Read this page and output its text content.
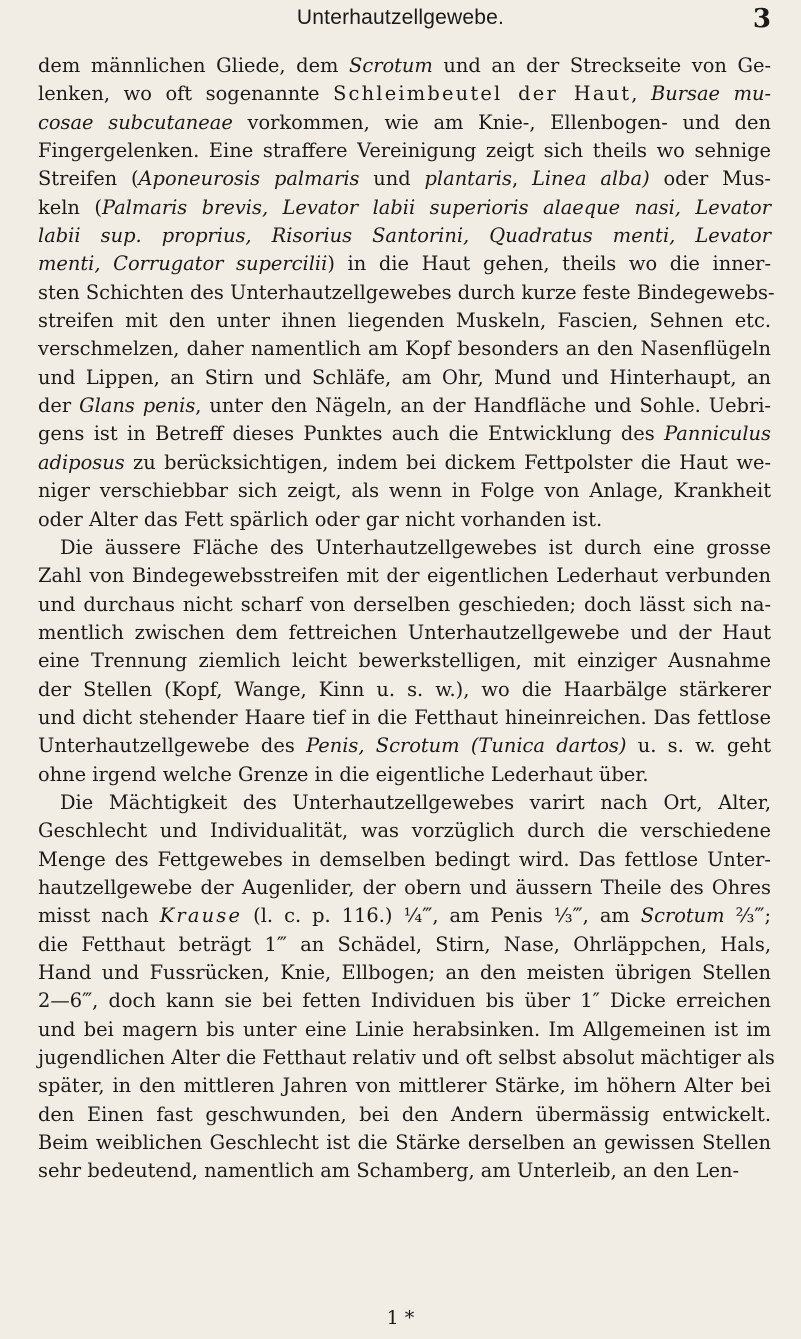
Unterhautzellgewebe.	3
dem männlichen Gliede, dem Scrotum und an der Streckseite von Ge-
lenken, wo oft sogenannte Schleimbeutel der Haut, Bursae mu-
cosae subcutaneae vorkommen, wie am Knie-, Ellenbogen- und den
Fingergelenken. Eine straffere Vereinigung zeigt sich theils wo sehnige
Streifen (Aponeurosis palmaris und plantaris, Linea alba) oder Mus-
keln (Palmaris brevis, Levator labii superioris alaeque nasi, Levator
labii sup. proprius, Risorius Santorini, Quadratus menti, Levator
menti, Corrugator supercilii) in die Haut gehen, theils wo die inner-
sten Schichten des Unterhautzellgewebes durch kurze feste Bindegewebs-
streifen mit den unter ihnen liegenden Muskeln, Fascien, Sehnen etc.
verschmelzen, daher namentlich am Kopf besonders an den Nasenflügeln
und Lippen, an Stirn und Schläfe, am Ohr, Mund und Hinterhaupt, an
der Glans penis, unter den Nägeln, an der Handfläche und Sohle. Uebri-
gens ist in Betreff dieses Punktes auch die Entwicklung des Panniculus
adiposus zu berücksichtigen, indem bei dickem Fettpolster die Haut we-
niger verschiebbar sich zeigt, als wenn in Folge von Anlage, Krankheit
oder Alter das Fett spärlich oder gar nicht vorhanden ist.
Die äussere Fläche des Unterhautzellgewebes ist durch eine grosse
Zahl von Bindegewebsstreifen mit der eigentlichen Lederhaut verbunden
und durchaus nicht scharf von derselben geschieden; doch lässt sich na-
mentlich zwischen dem fettreichen Unterhautzellgewebe und der Haut
eine Trennung ziemlich leicht bewerkstelligen, mit einziger Ausnahme
der Stellen (Kopf, Wange, Kinn u. s. w.), wo die Haarbälge stärkerer
und dicht stehender Haare tief in die Fetthaut hineinreichen. Das fettlose
Unterhautzellgewebe des Penis, Scrotum (Tunica dartos) u. s. w. geht
ohne irgend welche Grenze in die eigentliche Lederhaut über.
Die Mächtigkeit des Unterhautzellgewebes varirt nach Ort, Alter,
Geschlecht und Individualität, was vorzüglich durch die verschiedene
Menge des Fettgewebes in demselben bedingt wird. Das fettlose Unter-
hautzellgewebe der Augenlider, der obern und äussern Theile des Ohres
misst nach Krause (l. c. p. 116.) ¼‴, am Penis ⅓‴, am Scrotum ⅔‴;
die Fetthaut beträgt 1‴ an Schädel, Stirn, Nase, Ohrläppchen, Hals,
Hand und Fussrücken, Knie, Ellbogen; an den meisten übrigen Stellen
2—6‴, doch kann sie bei fetten Individuen bis über 1″ Dicke erreichen
und bei magern bis unter eine Linie herabsinken. Im Allgemeinen ist im
jugendlichen Alter die Fetthaut relativ und oft selbst absolut mächtiger als
später, in den mittleren Jahren von mittlerer Stärke, im höhern Alter bei
den Einen fast geschwunden, bei den Andern übermässig entwickelt.
Beim weiblichen Geschlecht ist die Stärke derselben an gewissen Stellen
sehr bedeutend, namentlich am Schamberg, am Unterleib, an den Len-
1 *
